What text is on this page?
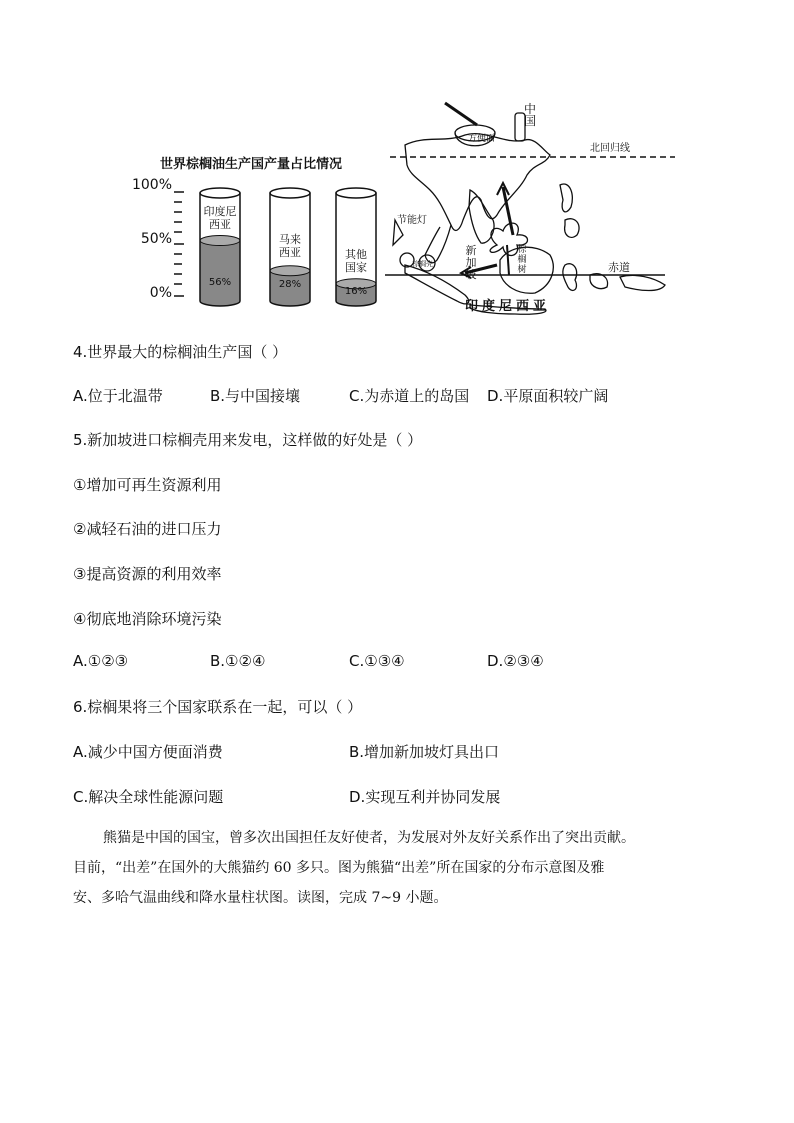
世界棕榈油生产国产量占比情况
100%
50%
0%
印度尼
西亚
56%
马来
西亚
28%
其他
国家
16%
中国
方便面
北回归线
节能灯
新加坡
棕榈壳
棕榈树	赤道
印度尼西亚
4.世界最大的棕榈油生产国（ ）
A.位于北温带	B.与中国接壤	C.为赤道上的岛国 D.平原面积较广阔
5.新加坡进口棕榈壳用来发电，这样做的好处是（ ）
①增加可再生资源利用
②减轻石油的进口压力
③提高资源的利用效率
④彻底地消除环境污染
A.①②③	B.①②④	C.①③④	D.②③④
6.棕榈果将三个国家联系在一起，可以（ ）
A.减少中国方便面消费	B.增加新加坡灯具出口
C.解决全球性能源问题	D.实现互利并协同发展
熊猫是中国的国宝，曾多次出国担任友好使者，为发展对外友好关系作出了突出贡献。
目前，“出差”在国外的大熊猫约 60 多只。图为熊猫“出差”所在国家的分布示意图及雅
安、多哈气温曲线和降水量柱状图。读图，完成 7~9 小题。
